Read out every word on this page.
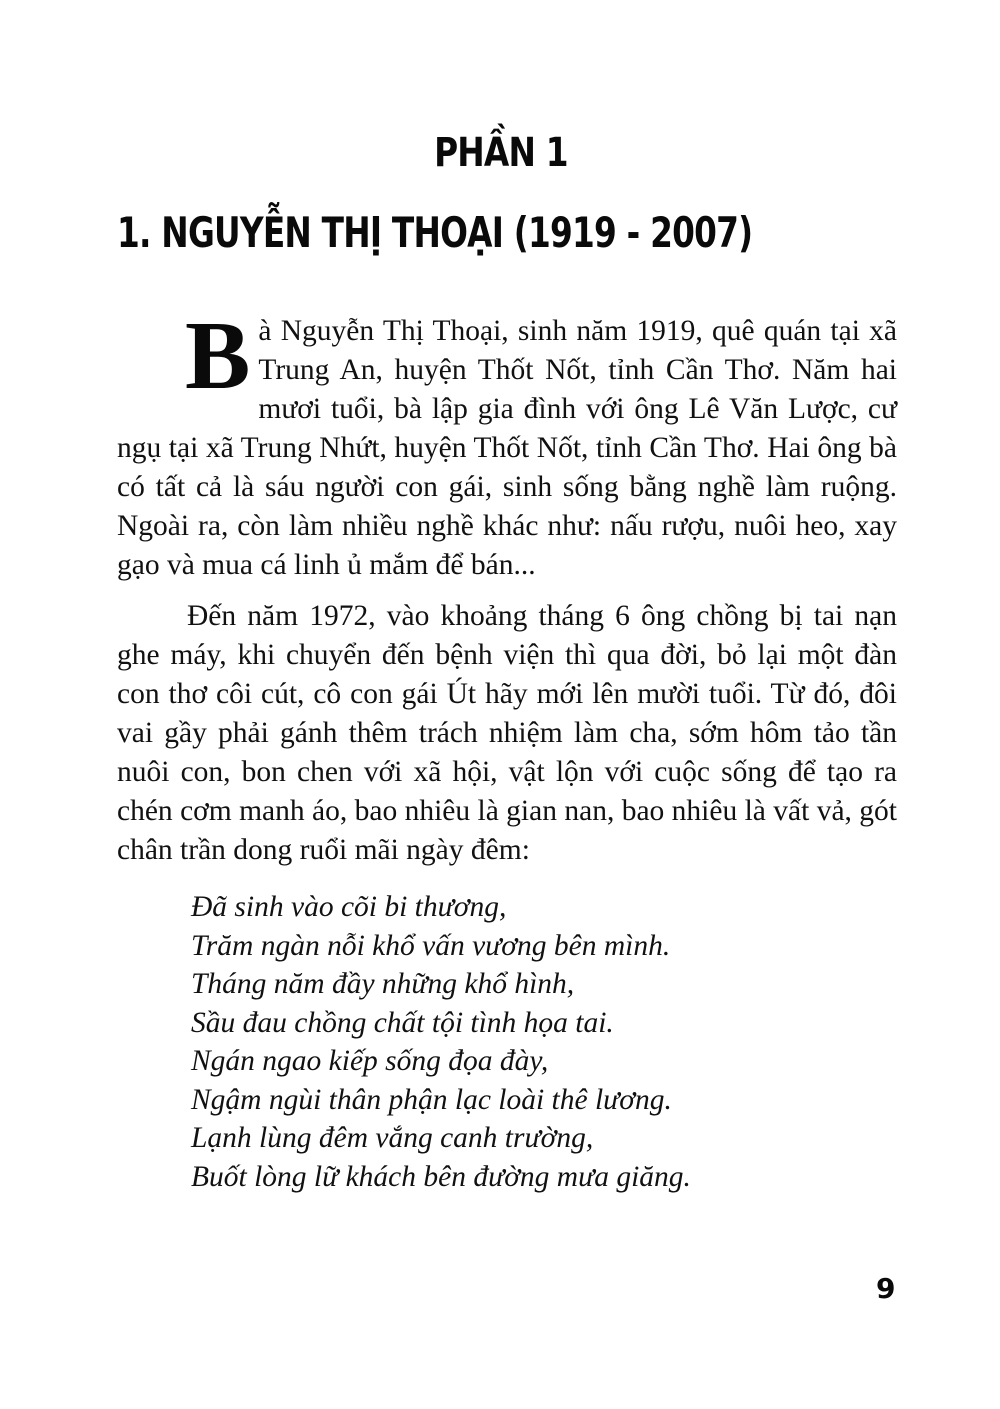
PHẦN 1
1. NGUYỄN THỊ THOẠI (1919 - 2007)

Bà Nguyễn Thị Thoại, sinh năm 1919, quê quán tại xã Trung An, huyện Thốt Nốt, tỉnh Cần Thơ. Năm hai mươi tuổi, bà lập gia đình với ông Lê Văn Lược, cư ngụ tại xã Trung Nhứt, huyện Thốt Nốt, tỉnh Cần Thơ. Hai ông bà có tất cả là sáu người con gái, sinh sống bằng nghề làm ruộng. Ngoài ra, còn làm nhiều nghề khác như: nấu rượu, nuôi heo, xay gạo và mua cá linh ủ mắm để bán...

Đến năm 1972, vào khoảng tháng 6 ông chồng bị tai nạn ghe máy, khi chuyển đến bệnh viện thì qua đời, bỏ lại một đàn con thơ côi cút, cô con gái Út hãy mới lên mười tuổi. Từ đó, đôi vai gầy phải gánh thêm trách nhiệm làm cha, sớm hôm tảo tần nuôi con, bon chen với xã hội, vật lộn với cuộc sống để tạo ra chén cơm manh áo, bao nhiêu là gian nan, bao nhiêu là vất vả, gót chân trần dong ruổi mãi ngày đêm:

Đã sinh vào cõi bi thương,
Trăm ngàn nỗi khổ vấn vương bên mình.
Tháng năm đầy những khổ hình,
Sầu đau chồng chất tội tình họa tai.
Ngán ngao kiếp sống đọa đày,
Ngậm ngùi thân phận lạc loài thê lương.
Lạnh lùng đêm vắng canh trường,
Buốt lòng lữ khách bên đường mưa giăng.
9
